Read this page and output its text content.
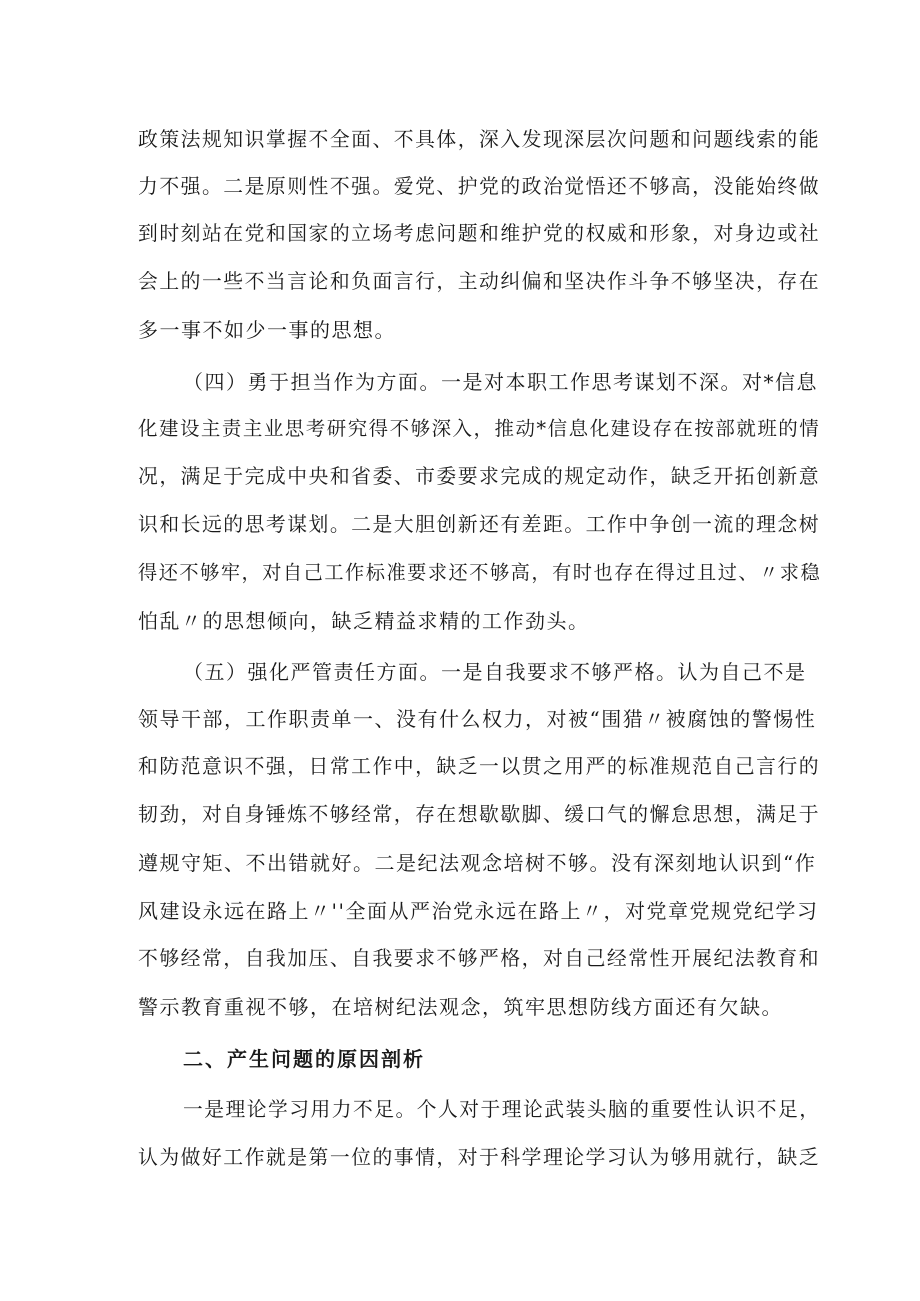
政策法规知识掌握不全面、不具体，深入发现深层次问题和问题线索的能
力不强。二是原则性不强。爱党、护党的政治觉悟还不够高，没能始终做
到时刻站在党和国家的立场考虑问题和维护党的权威和形象，对身边或社
会上的一些不当言论和负面言行，主动纠偏和坚决作斗争不够坚决，存在
多一事不如少一事的思想。
（四）勇于担当作为方面。一是对本职工作思考谋划不深。对*信息
化建设主责主业思考研究得不够深入，推动*信息化建设存在按部就班的情
况，满足于完成中央和省委、市委要求完成的规定动作，缺乏开拓创新意
识和长远的思考谋划。二是大胆创新还有差距。工作中争创一流的理念树
得还不够牢，对自己工作标准要求还不够高，有时也存在得过且过、〃求稳
怕乱〃的思想倾向，缺乏精益求精的工作劲头。
（五）强化严管责任方面。一是自我要求不够严格。认为自己不是
领导干部，工作职责单一、没有什么权力，对被“围猎〃被腐蚀的警惕性
和防范意识不强，日常工作中，缺乏一以贯之用严的标准规范自己言行的
韧劲，对自身锤炼不够经常，存在想歇歇脚、缓口气的懈怠思想，满足于
遵规守矩、不出错就好。二是纪法观念培树不够。没有深刻地认识到“作
风建设永远在路上〃''全面从严治党永远在路上〃，对党章党规党纪学习
不够经常，自我加压、自我要求不够严格，对自己经常性开展纪法教育和
警示教育重视不够，在培树纪法观念，筑牢思想防线方面还有欠缺。
二、产生问题的原因剖析
一是理论学习用力不足。个人对于理论武装头脑的重要性认识不足，
认为做好工作就是第一位的事情，对于科学理论学习认为够用就行，缺乏
